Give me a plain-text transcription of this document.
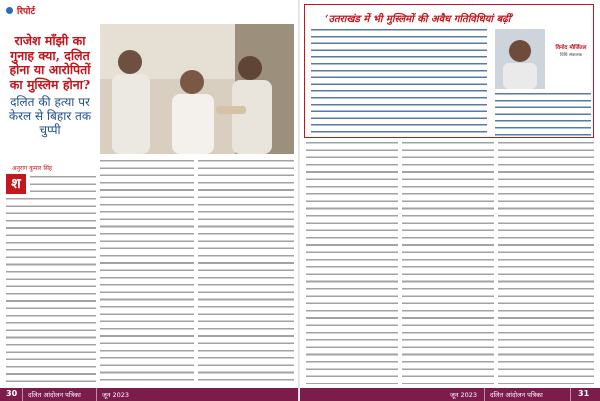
रिपोर्ट
राजेश माँझी का गुनाह क्या, दलित होना या आरोपितों का मुस्लिम होना?
दलित की हत्या पर केरल से बिहार तक चुप्पी
अनुराग कुमार सिंह
श
30 दलित आंदोलन पत्रिका	जून 2023
‘उतराखंड में भी मुस्लिमों की अवैध गतिविधियां बढ़ीं’
विनोद मौर्जितल
विधि संकलक
जून 2023 दलित आंदोलन पत्रिका	31
